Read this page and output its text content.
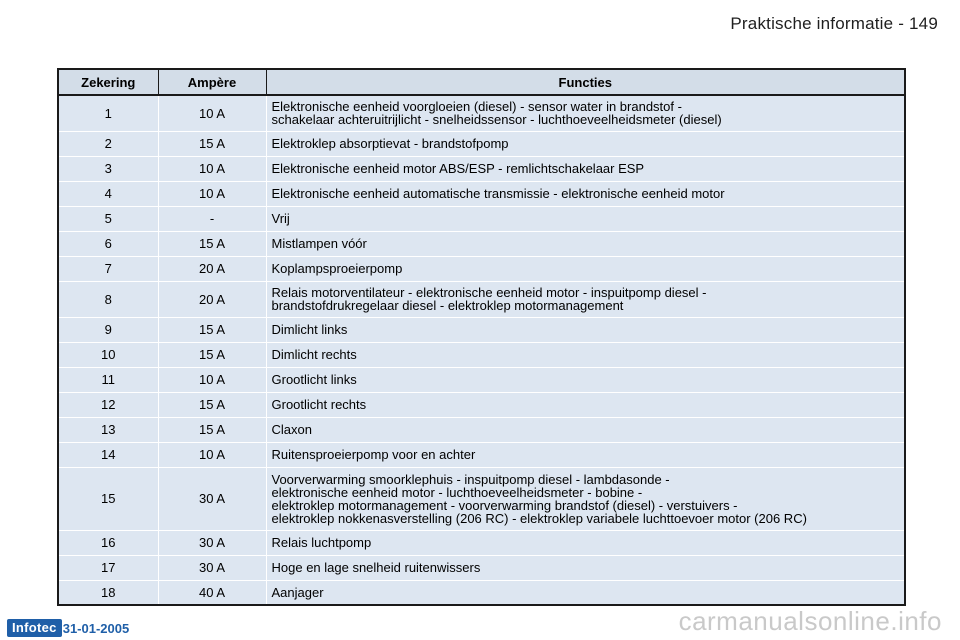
Praktische informatie - 149
Zekering	Ampère	Functies
1	10 A	Elektronische eenheid voorgloeien (diesel) - sensor water in brandstof -
schakelaar achteruitrijlicht - snelheidssensor - luchthoeveelheidsmeter (diesel)

2	15 A	Elektroklep absorptievat - brandstofpomp

3	10 A	Elektronische eenheid motor ABS/ESP - remlichtschakelaar ESP

4	10 A	Elektronische eenheid automatische transmissie - elektronische eenheid motor

5	-	Vrij

6	15 A	Mistlampen vóór

7	20 A	Koplampsproeierpomp

8	20 A	Relais motorventilateur - elektronische eenheid motor - inspuitpomp diesel -
brandstofdrukregelaar diesel - elektroklep motormanagement

9	15 A	Dimlicht links

10	15 A	Dimlicht rechts

11	10 A	Grootlicht links

12	15 A	Grootlicht rechts

13	15 A	Claxon

14	10 A	Ruitensproeierpomp voor en achter

15	30 A	Voorverwarming smoorklephuis - inspuitpomp diesel - lambdasonde -
elektronische eenheid motor - luchthoeveelheidsmeter - bobine -
elektroklep motormanagement - voorverwarming brandstof (diesel) - verstuivers -
elektroklep nokkenasverstelling (206 RC) - elektroklep variabele luchttoevoer motor (206 RC)

16	30 A	Relais luchtpomp

17	30 A	Hoge en lage snelheid ruitenwissers

18	40 A	Aanjager
Infotec 31-01-2005	carmanualsonline.info
